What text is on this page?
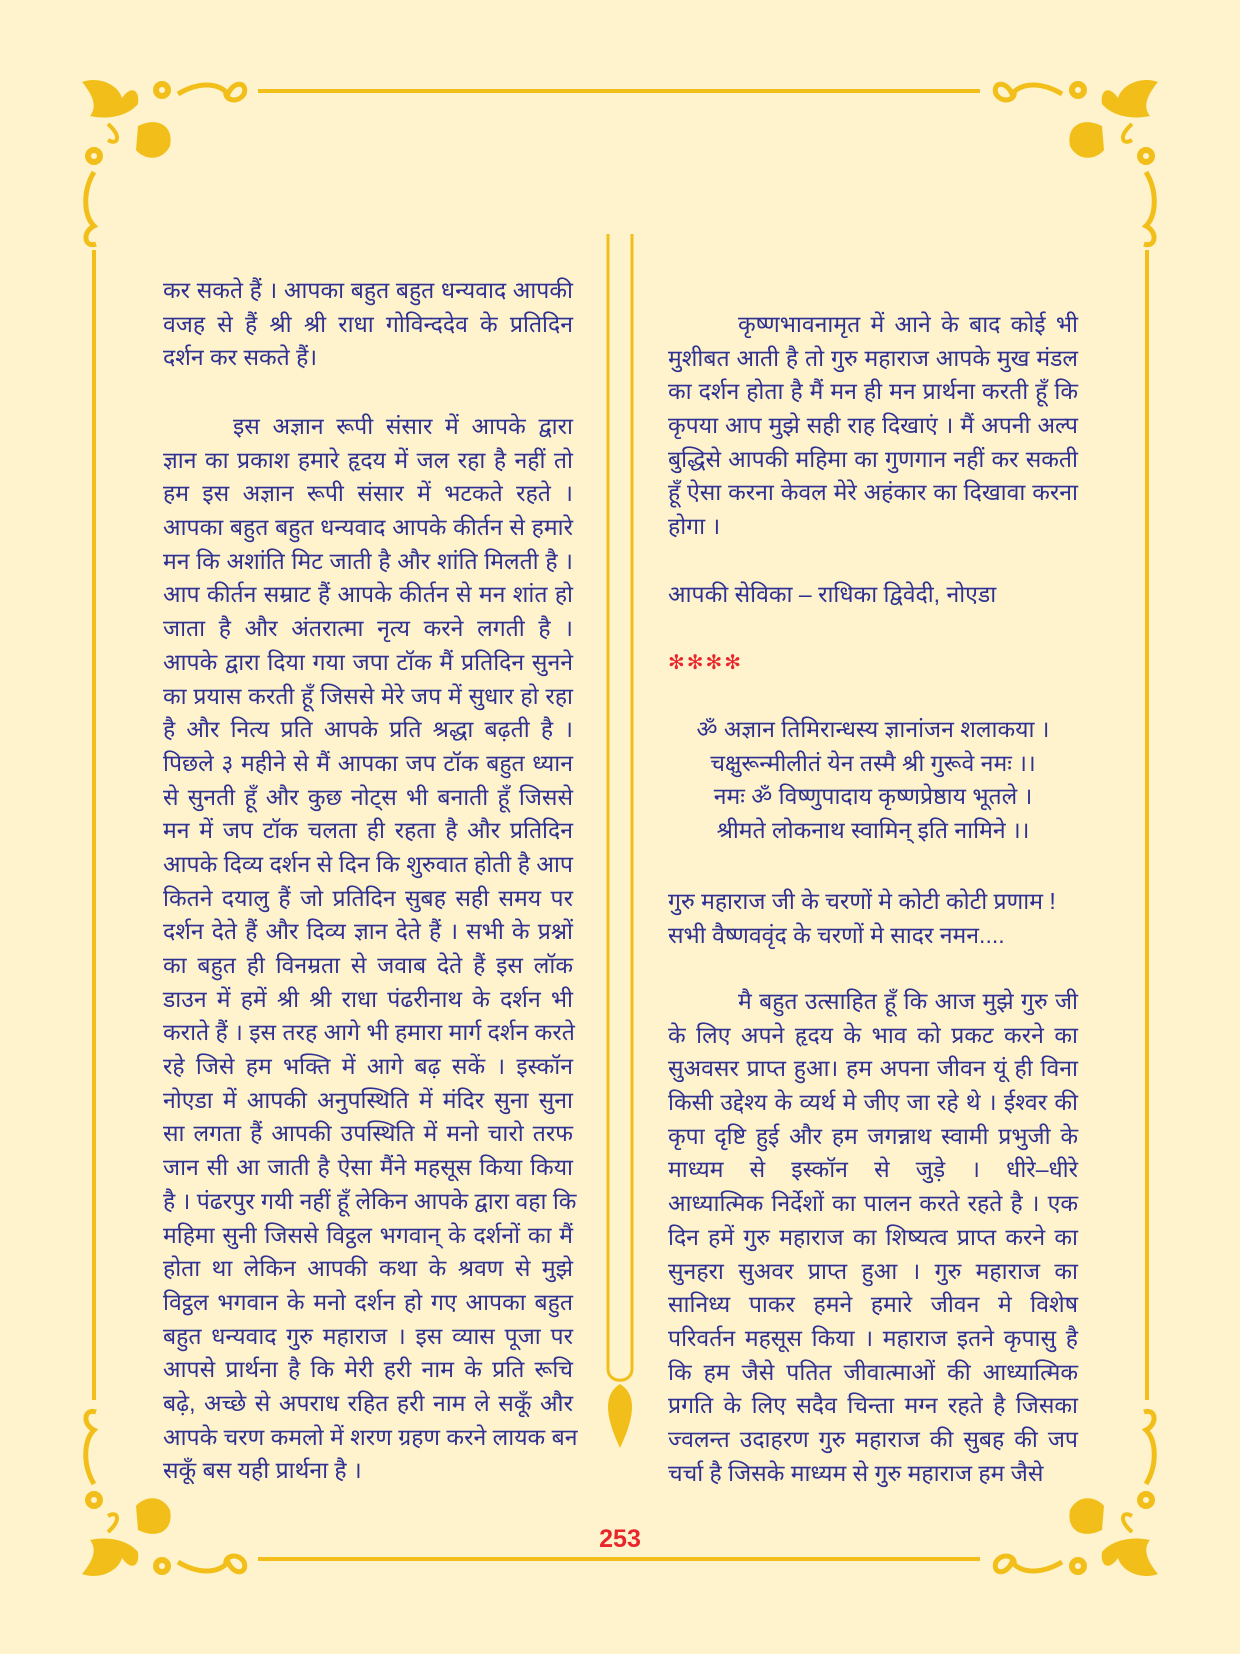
कर सकते हैं । आपका बहुत बहुत धन्यवाद आपकी
वजह से हैं श्री श्री राधा गोविन्ददेव के प्रतिदिन
दर्शन कर सकते हैं।
इस अज्ञान रूपी संसार में आपके द्वारा
ज्ञान का प्रकाश हमारे हृदय में जल रहा है नहीं तो
हम इस अज्ञान रूपी संसार में भटकते रहते ।
आपका बहुत बहुत धन्यवाद आपके कीर्तन से हमारे
मन कि अशांति मिट जाती है और शांति मिलती है ।
आप कीर्तन सम्राट हैं आपके कीर्तन से मन शांत हो
जाता है और अंतरात्मा नृत्य करने लगती है ।
आपके द्वारा दिया गया जपा टॉक मैं प्रतिदिन सुनने
का प्रयास करती हूँ जिससे मेरे जप में सुधार हो रहा
है और नित्य प्रति आपके प्रति श्रद्धा बढ़ती है ।
पिछले ३ महीने से मैं आपका जप टॉक बहुत ध्यान
से सुनती हूँ और कुछ नोट्स भी बनाती हूँ जिससे
मन में जप टॉक चलता ही रहता है और प्रतिदिन
आपके दिव्य दर्शन से दिन कि शुरुवात होती है आप
कितने दयालु हैं जो प्रतिदिन सुबह सही समय पर
दर्शन देते हैं और दिव्य ज्ञान देते हैं । सभी के प्रश्नों
का बहुत ही विनम्रता से जवाब देते हैं इस लॉक
डाउन में हमें श्री श्री राधा पंढरीनाथ के दर्शन भी
कराते हैं । इस तरह आगे भी हमारा मार्ग दर्शन करते
रहे जिसे हम भक्ति में आगे बढ़ सकें । इस्कॉन
नोएडा में आपकी अनुपस्थिति में मंदिर सुना सुना
सा लगता हैं आपकी उपस्थिति में मनो चारो तरफ
जान सी आ जाती है ऐसा मैंने महसूस किया किया
है । पंढरपुर गयी नहीं हूँ लेकिन आपके द्वारा वहा कि
महिमा सुनी जिससे विट्ठल भगवान् के दर्शनों का मैं
होता था लेकिन आपकी कथा के श्रवण से मुझे
विट्ठल भगवान के मनो दर्शन हो गए आपका बहुत
बहुत धन्यवाद गुरु महाराज । इस व्यास पूजा पर
आपसे प्रार्थना है कि मेरी हरी नाम के प्रति रूचि
बढ़े, अच्छे से अपराध रहित हरी नाम ले सकूँ और
आपके चरण कमलो में शरण ग्रहण करने लायक बन
सकूँ बस यही प्रार्थना है ।
कृष्णभावनामृत में आने के बाद कोई भी
मुशीबत आती है तो गुरु महाराज आपके मुख मंडल
का दर्शन होता है मैं मन ही मन प्रार्थना करती हूँ कि
कृपया आप मुझे सही राह दिखाएं । मैं अपनी अल्प
बुद्धिसे आपकी महिमा का गुणगान नहीं कर सकती
हूँ ऐसा करना केवल मेरे अहंकार का दिखावा करना
होगा ।
आपकी सेविका – राधिका द्विवेदी, नोएडा
✻✻✻✻
ॐ अज्ञान तिमिरान्धस्य ज्ञानांजन शलाकया ।
चक्षुरून्मीलीतं येन तस्मै श्री गुरूवे नमः ।।
नमः ॐ विष्णुपादाय कृष्णप्रेष्ठाय भूतले ।
श्रीमते लोकनाथ स्वामिन् इति नामिने ।।
गुरु महाराज जी के चरणों मे कोटी कोटी प्रणाम !
सभी वैष्णववृंद के चरणों मे सादर नमन....
मै बहुत उत्साहित हूँ कि आज मुझे गुरु जी
के लिए अपने हृदय के भाव को प्रकट करने का
सुअवसर प्राप्त हुआ। हम अपना जीवन यूं ही विना
किसी उद्देश्य के व्यर्थ मे जीए जा रहे थे । ईश्वर की
कृपा दृष्टि हुई और हम जगन्नाथ स्वामी प्रभुजी के
माध्यम से इस्कॉन से जुड़े । धीरे–धीरे
आध्यात्मिक निर्देशों का पालन करते रहते है । एक
दिन हमें गुरु महाराज का शिष्यत्व प्राप्त करने का
सुनहरा सुअवर प्राप्त हुआ । गुरु महाराज का
सानिध्य पाकर हमने हमारे जीवन मे विशेष
परिवर्तन महसूस किया । महाराज इतने कृपासु है
कि हम जैसे पतित जीवात्माओं की आध्यात्मिक
प्रगति के लिए सदैव चिन्ता मग्न रहते है जिसका
ज्वलन्त उदाहरण गुरु महाराज की सुबह की जप
चर्चा है जिसके माध्यम से गुरु महाराज हम जैसे
253
